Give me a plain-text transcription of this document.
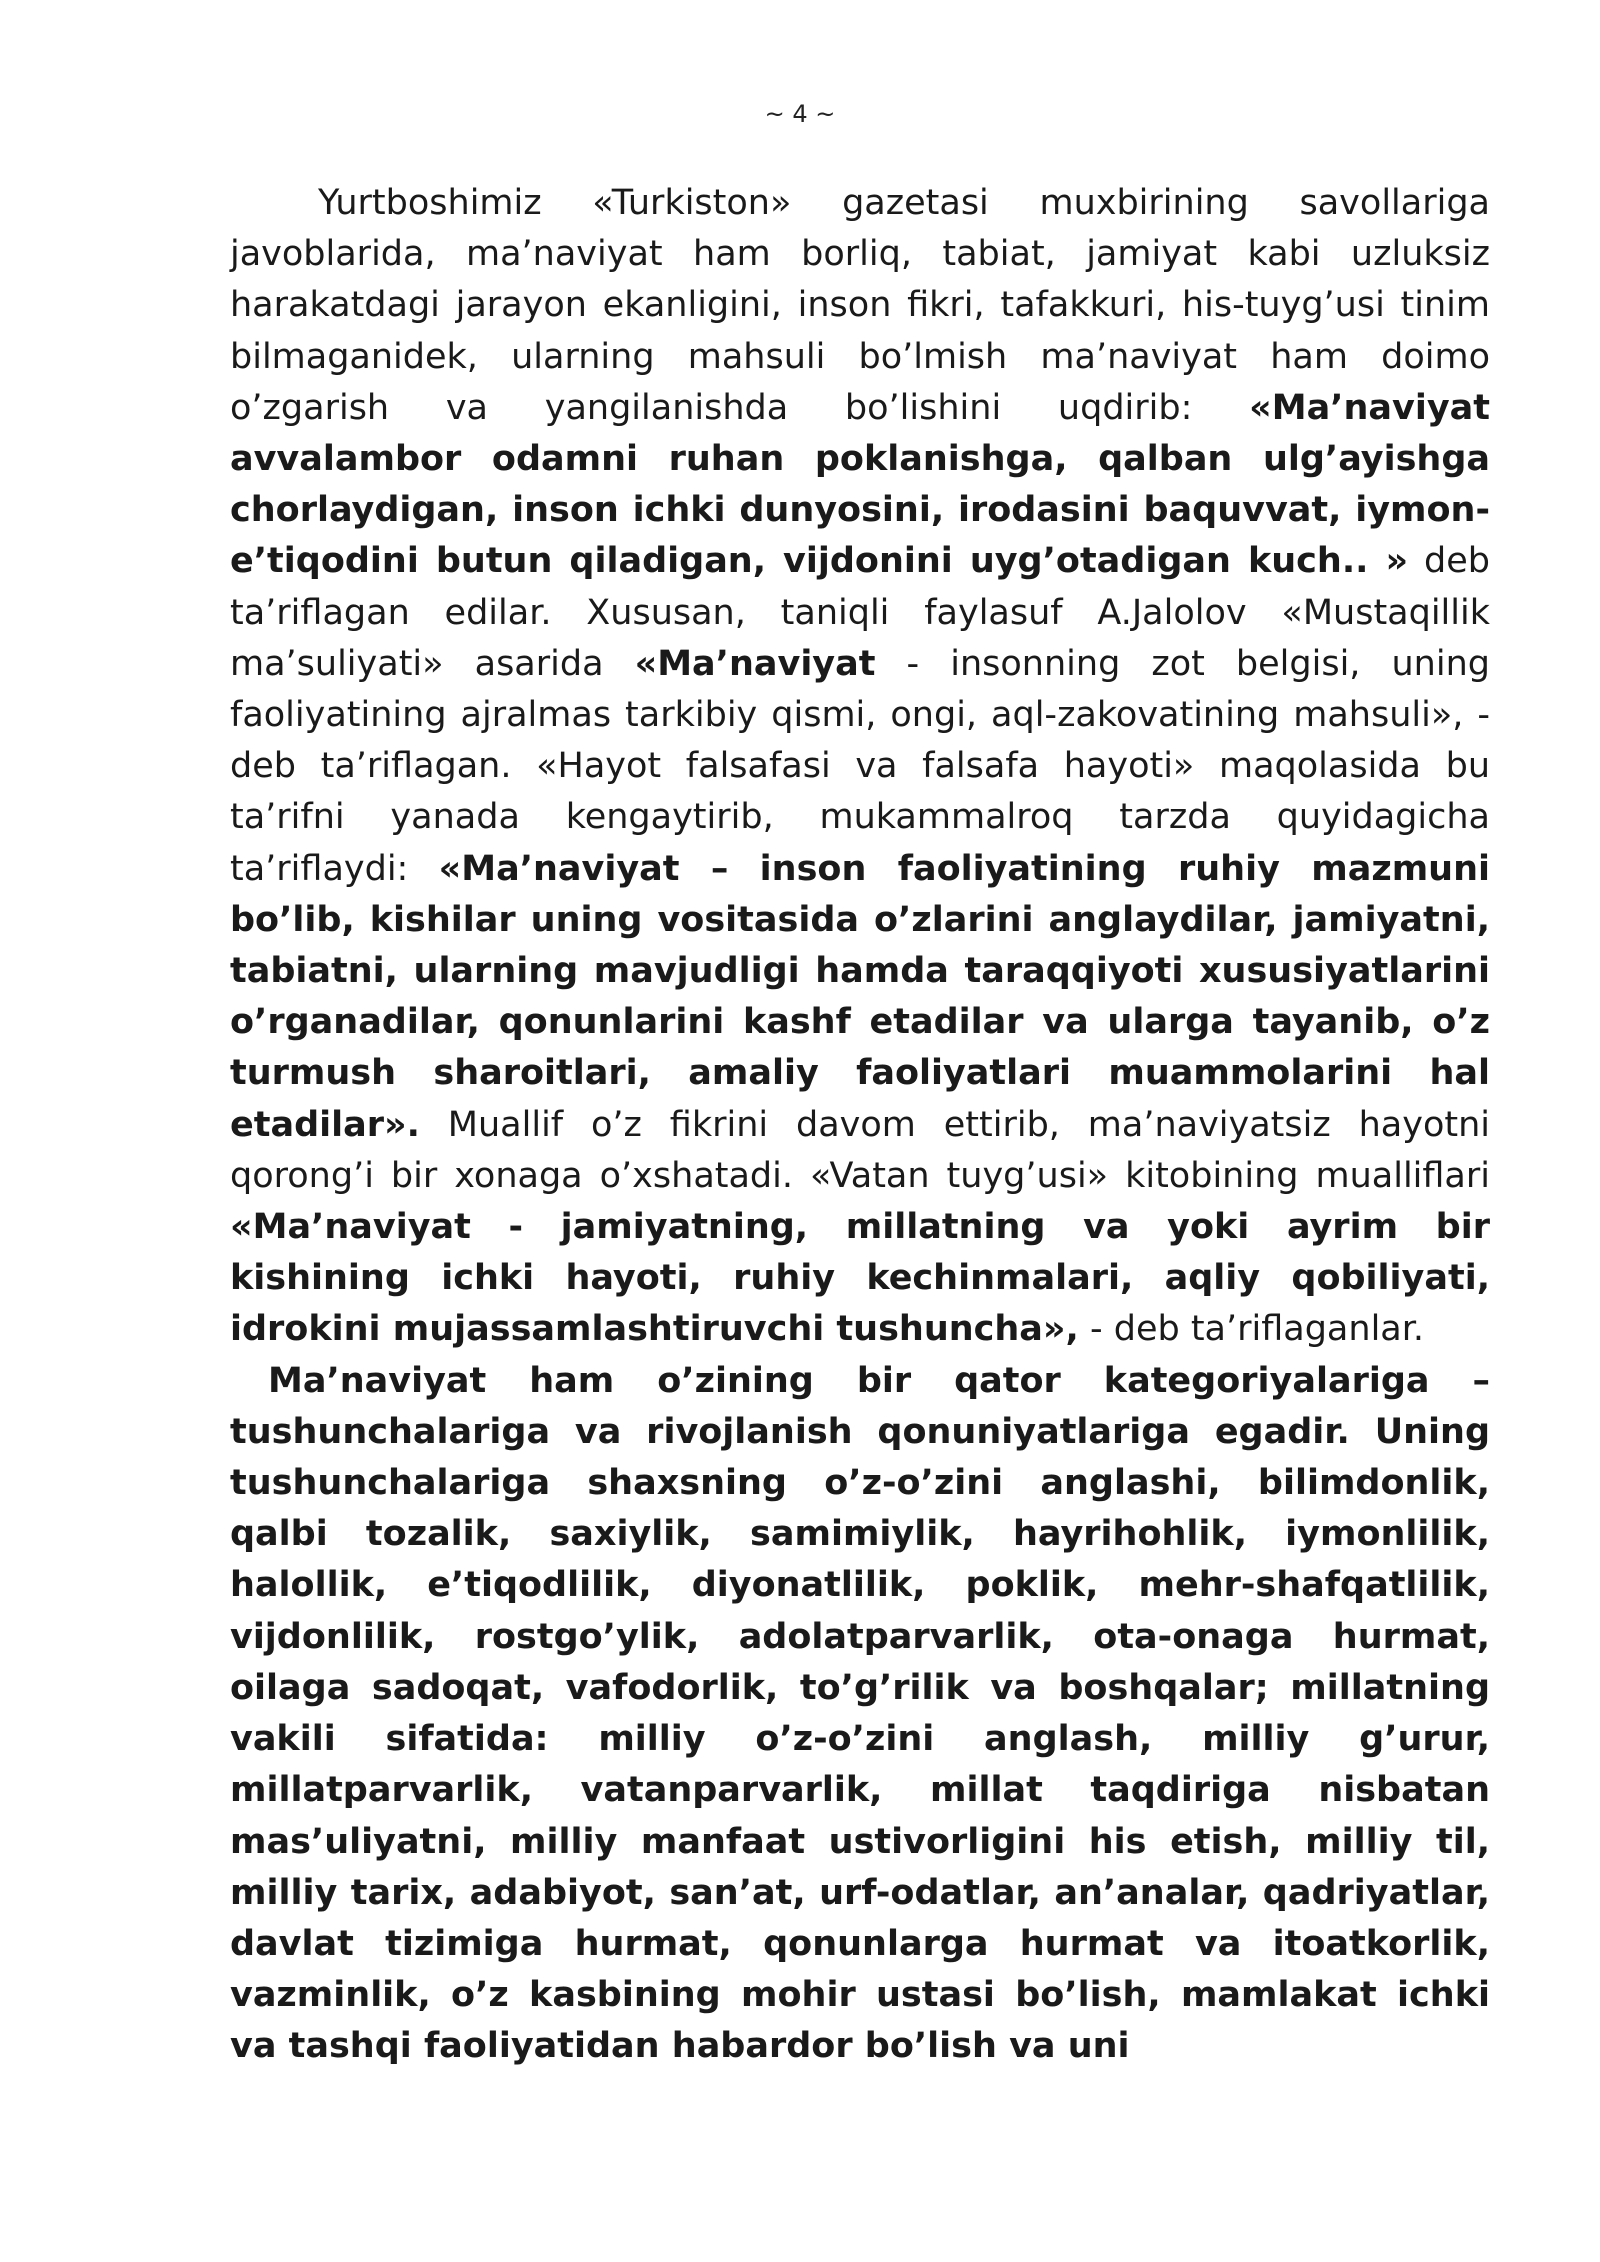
~ 4 ~

Yurtboshimiz «Turkiston» gazetasi muxbirining savollariga javoblarida, ma’naviyat ham borliq, tabiat, jamiyat kabi uzluksiz harakatdagi jarayon ekanligini, inson fikri, tafakkuri, his-tuyg’usi tinim bilmaganidek, ularning mahsuli bo’lmish ma’naviyat ham doimo o’zgarish va yangilanishda bo’lishini uqdirib: «Ma’naviyat avvalambor odamni ruhan poklanishga, qalban ulg’ayishga chorlaydigan, inson ichki dunyosini, irodasini baquvvat, iymon-e’tiqodini butun qiladigan, vijdonini uyg’otadigan kuch.. » deb ta’riflagan edilar. Xususan, taniqli faylasuf A.Jalolov «Mustaqillik ma’suliyati» asarida «Ma’naviyat - insonning zot belgisi, uning faoliyatining ajralmas tarkibiy qismi, ongi, aql-zakovatining mahsuli», - deb ta’riflagan. «Hayot falsafasi va falsafa hayoti» maqolasida bu ta’rifni yanada kengaytirib, mukammalroq tarzda quyidagicha ta’riflaydi: «Ma’naviyat – inson faoliyatining ruhiy mazmuni bo’lib, kishilar uning vositasida o’zlarini anglaydilar, jamiyatni, tabiatni, ularning mavjudligi hamda taraqqiyoti xususiyatlarini o’rganadilar, qonunlarini kashf etadilar va ularga tayanib, o’z turmush sharoitlari, amaliy faoliyatlari muammolarini hal etadilar». Muallif o’z fikrini davom ettirib, ma’naviyatsiz hayotni qorong’i bir xonaga o’xshatadi. «Vatan tuyg’usi» kitobining mualliflari «Ma’naviyat - jamiyatning, millatning va yoki ayrim bir kishining ichki hayoti, ruhiy kechinmalari, aqliy qobiliyati, idrokini mujassamlashtiruvchi tushuncha», - deb ta’riflaganlar.

Ma’naviyat ham o’zining bir qator kategoriyalariga – tushunchalariga va rivojlanish qonuniyatlariga egadir. Uning tushunchalariga shaxsning o’z-o’zini anglashi, bilimdonlik, qalbi tozalik, saxiylik, samimiylik, hayrihohlik, iymonlilik, halollik, e’tiqodlilik, diyonatlilik, poklik, mehr-shafqatlilik, vijdonlilik, rostgo’ylik, adolatparvarlik, ota-onaga hurmat, oilaga sadoqat, vafodorlik, to’g’rilik va boshqalar; millatning vakili sifatida: milliy o’z-o’zini anglash, milliy g’urur, millatparvarlik, vatanparvarlik, millat taqdiriga nisbatan mas’uliyatni, milliy manfaat ustivorligini his etish, milliy til, milliy tarix, adabiyot, san’at, urf-odatlar, an’analar, qadriyatlar, davlat tizimiga hurmat, qonunlarga hurmat va itoatkorlik, vazminlik, o’z kasbining mohir ustasi bo’lish, mamlakat ichki va tashqi faoliyatidan habardor bo’lish va uni
